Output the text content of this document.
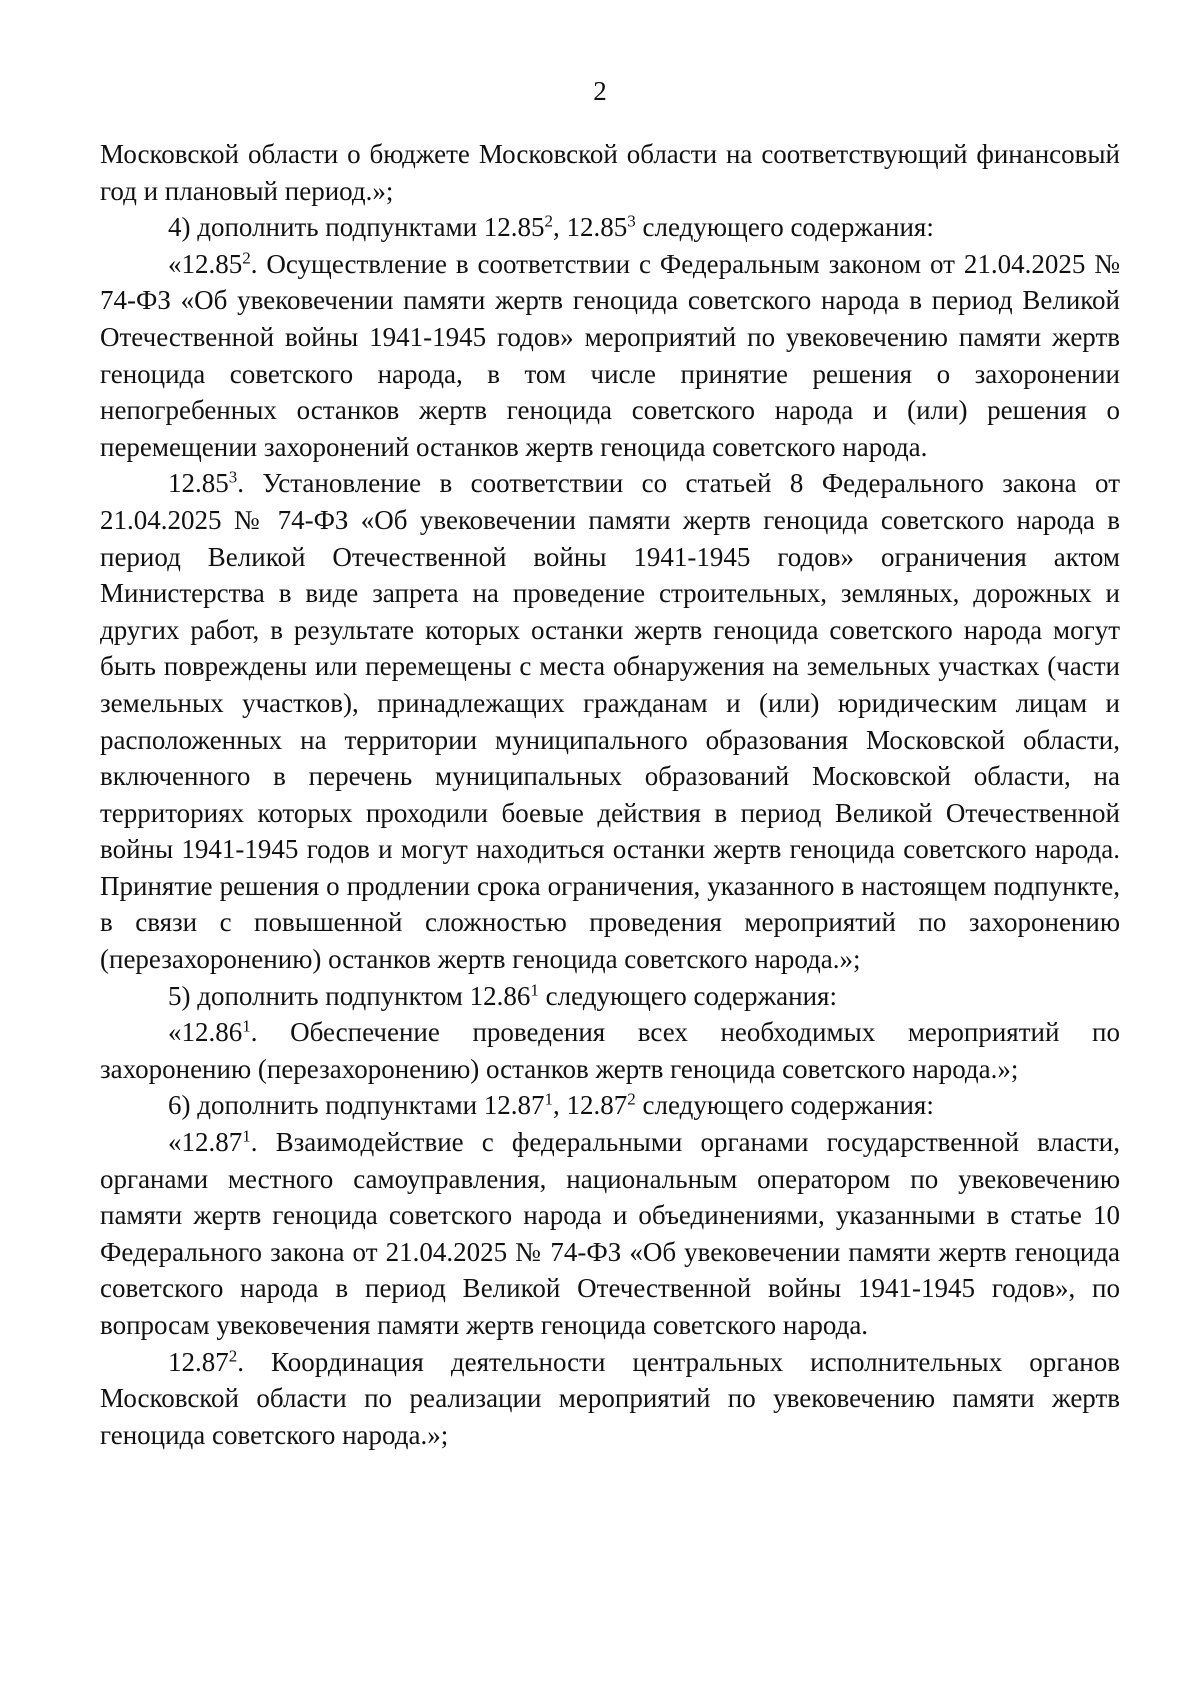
2

Московской области о бюджете Московской области на соответствующий финансовый год и плановый период.»;

4) дополнить подпунктами 12.85$^2$, 12.85$^3$ следующего содержания:

«12.85$^2$. Осуществление в соответствии с Федеральным законом от 21.04.2025 № 74-ФЗ «Об увековечении памяти жертв геноцида советского народа в период Великой Отечественной войны 1941-1945 годов» мероприятий по увековечению памяти жертв геноцида советского народа, в том числе принятие решения о захоронении непогребенных останков жертв геноцида советского народа и (или) решения о перемещении захоронений останков жертв геноцида советского народа.

12.85$^3$. Установление в соответствии со статьей 8 Федерального закона от 21.04.2025 № 74-ФЗ «Об увековечении памяти жертв геноцида советского народа в период Великой Отечественной войны 1941-1945 годов» ограничения актом Министерства в виде запрета на проведение строительных, земляных, дорожных и других работ, в результате которых останки жертв геноцида советского народа могут быть повреждены или перемещены с места обнаружения на земельных участках (части земельных участков), принадлежащих гражданам и (или) юридическим лицам и расположенных на территории муниципального образования Московской области, включенного в перечень муниципальных образований Московской области, на территориях которых проходили боевые действия в период Великой Отечественной войны 1941-1945 годов и могут находиться останки жертв геноцида советского народа. Принятие решения о продлении срока ограничения, указанного в настоящем подпункте, в связи с повышенной сложностью проведения мероприятий по захоронению (перезахоронению) останков жертв геноцида советского народа.»;

5) дополнить подпунктом 12.86$^1$ следующего содержания:

«12.86$^1$. Обеспечение проведения всех необходимых мероприятий по захоронению (перезахоронению) останков жертв геноцида советского народа.»;

6) дополнить подпунктами 12.87$^1$, 12.87$^2$ следующего содержания:

«12.87$^1$. Взаимодействие с федеральными органами государственной власти, органами местного самоуправления, национальным оператором по увековечению памяти жертв геноцида советского народа и объединениями, указанными в статье 10 Федерального закона от 21.04.2025 № 74-ФЗ «Об увековечении памяти жертв геноцида советского народа в период Великой Отечественной войны 1941-1945 годов», по вопросам увековечения памяти жертв геноцида советского народа.

12.87$^2$. Координация деятельности центральных исполнительных органов Московской области по реализации мероприятий по увековечению памяти жертв геноцида советского народа.»;
